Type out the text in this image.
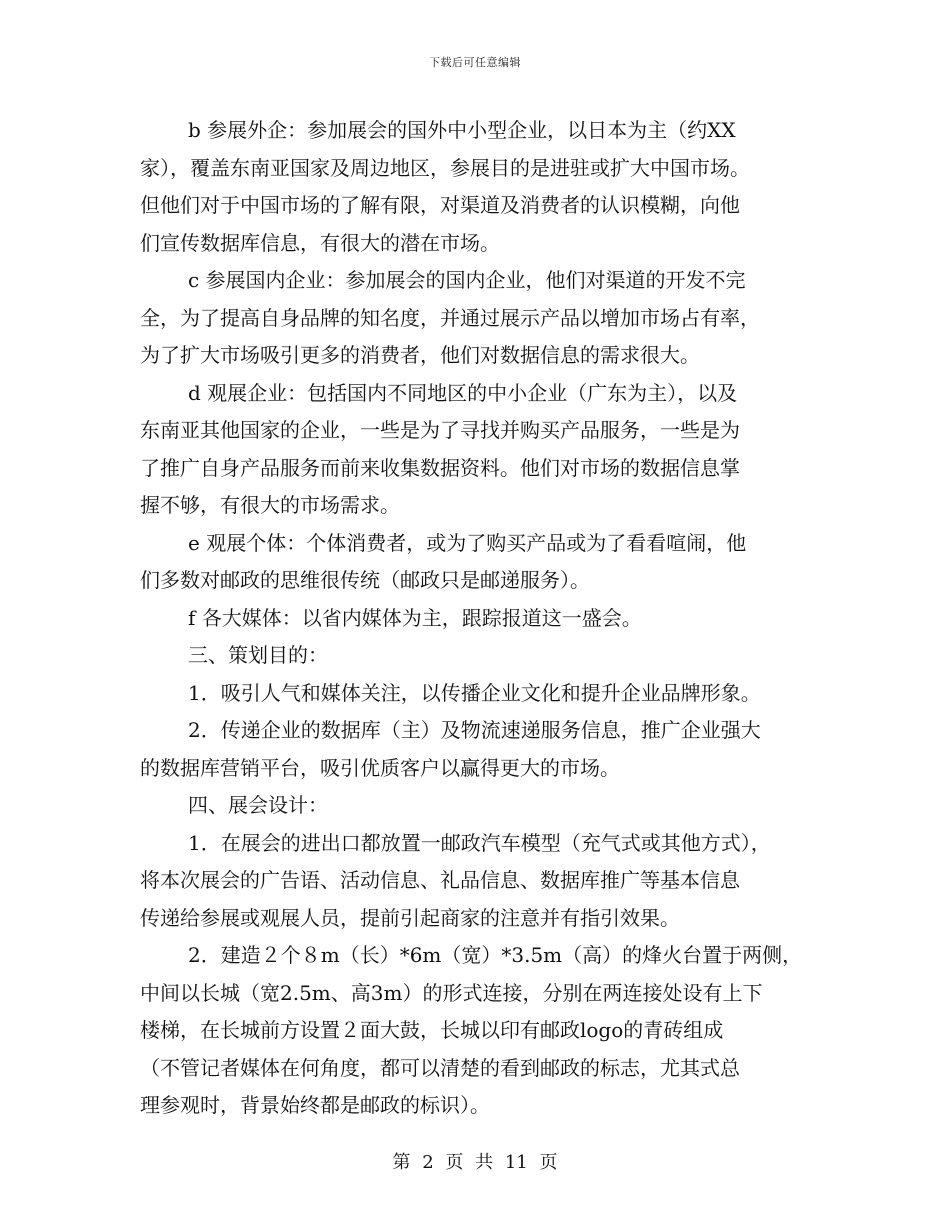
下载后可任意编辑
b 参展外企：参加展会的国外中小型企业，以日本为主（约XX
家），覆盖东南亚国家及周边地区，参展目的是进驻或扩大中国市场。
但他们对于中国市场的了解有限，对渠道及消费者的认识模糊，向他
们宣传数据库信息，有很大的潜在市场。
c 参展国内企业：参加展会的国内企业，他们对渠道的开发不完
全，为了提高自身品牌的知名度，并通过展示产品以增加市场占有率，
为了扩大市场吸引更多的消费者，他们对数据信息的需求很大。
d 观展企业：包括国内不同地区的中小企业（广东为主），以及
东南亚其他国家的企业，一些是为了寻找并购买产品服务，一些是为
了推广自身产品服务而前来收集数据资料。他们对市场的数据信息掌
握不够，有很大的市场需求。
e 观展个体：个体消费者，或为了购买产品或为了看看喧闹，他
们多数对邮政的思维很传统（邮政只是邮递服务）。
f 各大媒体：以省内媒体为主，跟踪报道这一盛会。
三、策划目的：
1．吸引人气和媒体关注，以传播企业文化和提升企业品牌形象。
2．传递企业的数据库（主）及物流速递服务信息，推广企业强大
的数据库营销平台，吸引优质客户以赢得更大的市场。
四、展会设计：
1．在展会的进出口都放置一邮政汽车模型（充气式或其他方式），
将本次展会的广告语、活动信息、礼品信息、数据库推广等基本信息
传递给参展或观展人员，提前引起商家的注意并有指引效果。
2．建造２个８m（长）*6m（宽）*3.5m（高）的烽火台置于两侧，
中间以长城（宽2.5m、高3m）的形式连接，分别在两连接处设有上下
楼梯，在长城前方设置２面大鼓，长城以印有邮政logo的青砖组成
（不管记者媒体在何角度，都可以清楚的看到邮政的标志，尤其式总
理参观时，背景始终都是邮政的标识）。
第 2 页 共 11 页
